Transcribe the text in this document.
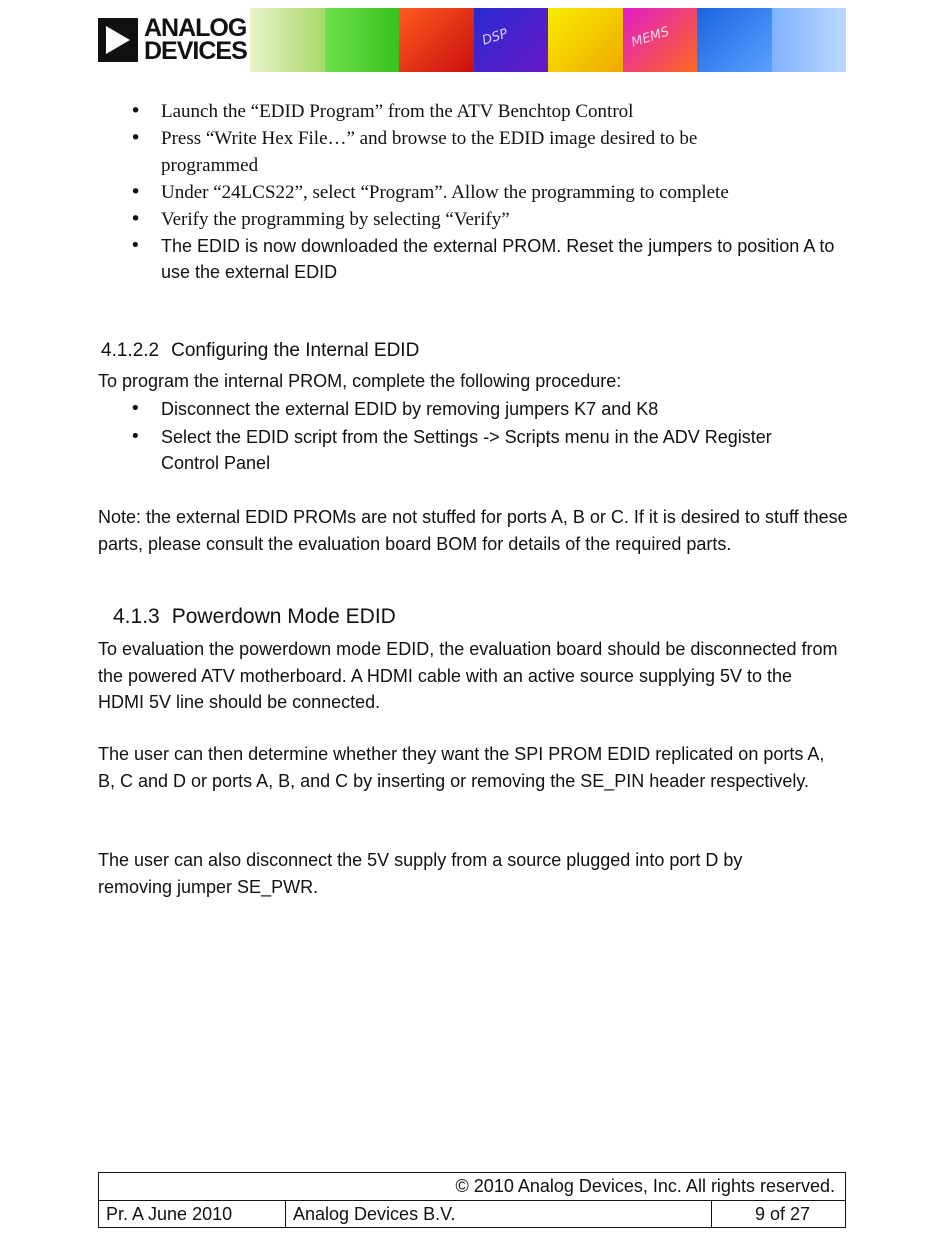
ANALOG
DEVICES	DSP	MEMS
• Launch the “EDID Program” from the ATV Benchtop Control
• Press “Write Hex File…” and browse to the EDID image desired to be programmed
• Under “24LCS22”, select “Program”. Allow the programming to complete
• Verify the programming by selecting “Verify”
• The EDID is now downloaded the external PROM. Reset the jumpers to position A to use the external EDID
4.1.2.2 Configuring the Internal EDID

To program the internal PROM, complete the following procedure:

• Disconnect the external EDID by removing jumpers K7 and K8
• Select the EDID script from the Settings -> Scripts menu in the ADV Register Control Panel

Note: the external EDID PROMs are not stuffed for ports A, B or C. If it is desired to stuff these parts, please consult the evaluation board BOM for details of the required parts.

4.1.3 Powerdown Mode EDID

To evaluation the powerdown mode EDID, the evaluation board should be disconnected from the powered ATV motherboard. A HDMI cable with an active source supplying 5V to the HDMI 5V line should be connected.

The user can then determine whether they want the SPI PROM EDID replicated on ports A, B, C and D or ports A, B, and C by inserting or removing the SE_PIN header respectively.

The user can also disconnect the 5V supply from a source plugged into port D by removing jumper SE_PWR.

© 2010 Analog Devices, Inc. All rights reserved.
Pr. A June 2010	Analog Devices B.V.	9 of 27
